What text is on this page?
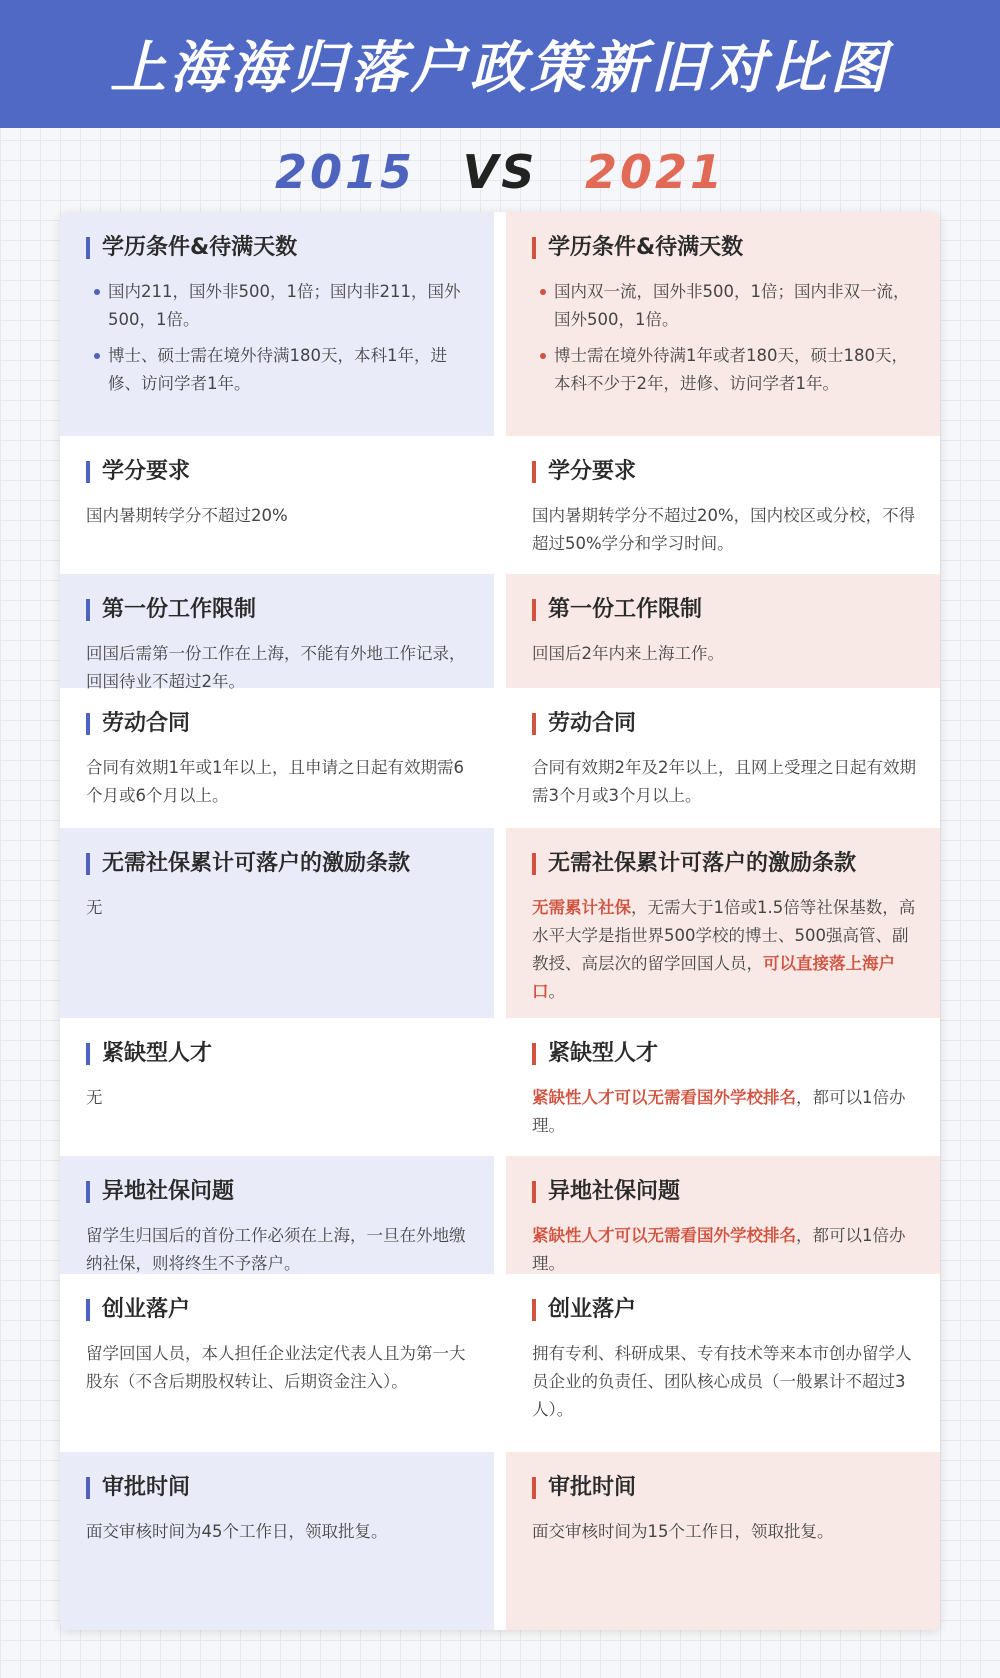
上海海归落户政策新旧对比图
2015	VS	2021
学历条件&待满天数
国内211，国外非500，1倍；国内非211，国外500，1倍。
博士、硕士需在境外待满180天，本科1年，进修、访问学者1年。
学历条件&待满天数
国内双一流，国外非500，1倍；国内非双一流，国外500，1倍。
博士需在境外待满1年或者180天，硕士180天，本科不少于2年，进修、访问学者1年。
学分要求

国内暑期转学分不超过20%

学分要求

国内暑期转学分不超过20%，国内校区或分校，不得超过50%学分和学习时间。

第一份工作限制

回国后需第一份工作在上海，不能有外地工作记录，回国待业不超过2年。

第一份工作限制

回国后2年内来上海工作。

劳动合同

合同有效期1年或1年以上，且申请之日起有效期需6个月或6个月以上。

劳动合同

合同有效期2年及2年以上，且网上受理之日起有效期需3个月或3个月以上。

无需社保累计可落户的激励条款

无

无需社保累计可落户的激励条款

无需累计社保，无需大于1倍或1.5倍等社保基数，高水平大学是指世界500学校的博士、500强高管、副教授、高层次的留学回国人员，可以直接落上海户口。

紧缺型人才

无

紧缺型人才

紧缺性人才可以无需看国外学校排名，都可以1倍办理。

异地社保问题

留学生归国后的首份工作必须在上海，一旦在外地缴纳社保，则将终生不予落户。

异地社保问题

紧缺性人才可以无需看国外学校排名，都可以1倍办理。

创业落户

留学回国人员，本人担任企业法定代表人且为第一大股东（不含后期股权转让、后期资金注入）。

创业落户

拥有专利、科研成果、专有技术等来本市创办留学人员企业的负责任、团队核心成员（一般累计不超过3人）。

审批时间

面交审核时间为45个工作日，领取批复。

审批时间

面交审核时间为15个工作日，领取批复。
